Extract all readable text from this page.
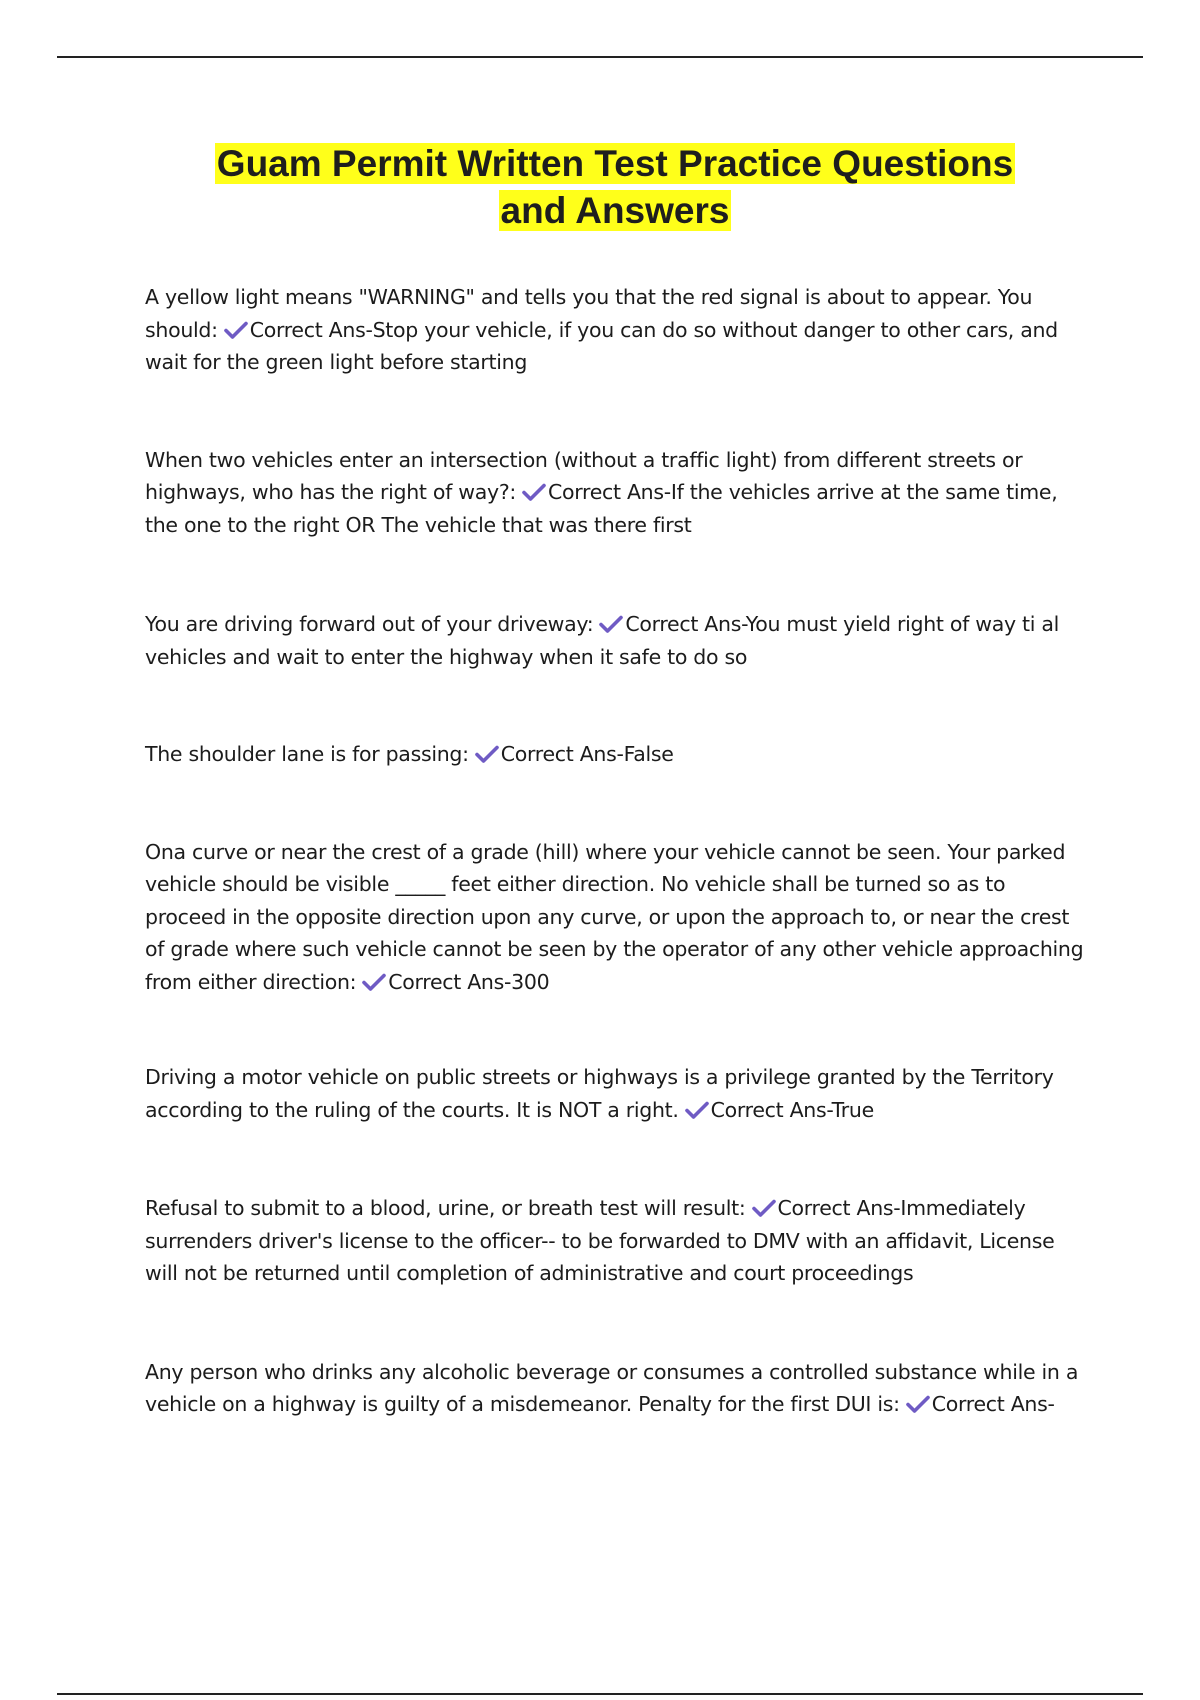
Guam Permit Written Test Practice Questions
and Answers

A yellow light means "WARNING" and tells you that the red signal is about to appear. You should: Correct Ans-Stop your vehicle, if you can do so without danger to other cars, and wait for the green light before starting

When two vehicles enter an intersection (without a traffic light) from different streets or highways, who has the right of way?: Correct Ans-If the vehicles arrive at the same time, the one to the right OR The vehicle that was there first

You are driving forward out of your driveway: Correct Ans-You must yield right of way ti al vehicles and wait to enter the highway when it safe to do so

The shoulder lane is for passing: Correct Ans-False

Ona curve or near the crest of a grade (hill) where your vehicle cannot be seen. Your parked vehicle should be visible _____ feet either direction. No vehicle shall be turned so as to proceed in the opposite direction upon any curve, or upon the approach to, or near the crest of grade where such vehicle cannot be seen by the operator of any other vehicle approaching from either direction: Correct Ans-300

Driving a motor vehicle on public streets or highways is a privilege granted by the Territory according to the ruling of the courts. It is NOT a right. Correct Ans-True

Refusal to submit to a blood, urine, or breath test will result: Correct Ans-Immediately surrenders driver's license to the officer-- to be forwarded to DMV with an affidavit, License will not be returned until completion of administrative and court proceedings

Any person who drinks any alcoholic beverage or consumes a controlled substance while in a vehicle on a highway is guilty of a misdemeanor. Penalty for the first DUI is: Correct Ans-
